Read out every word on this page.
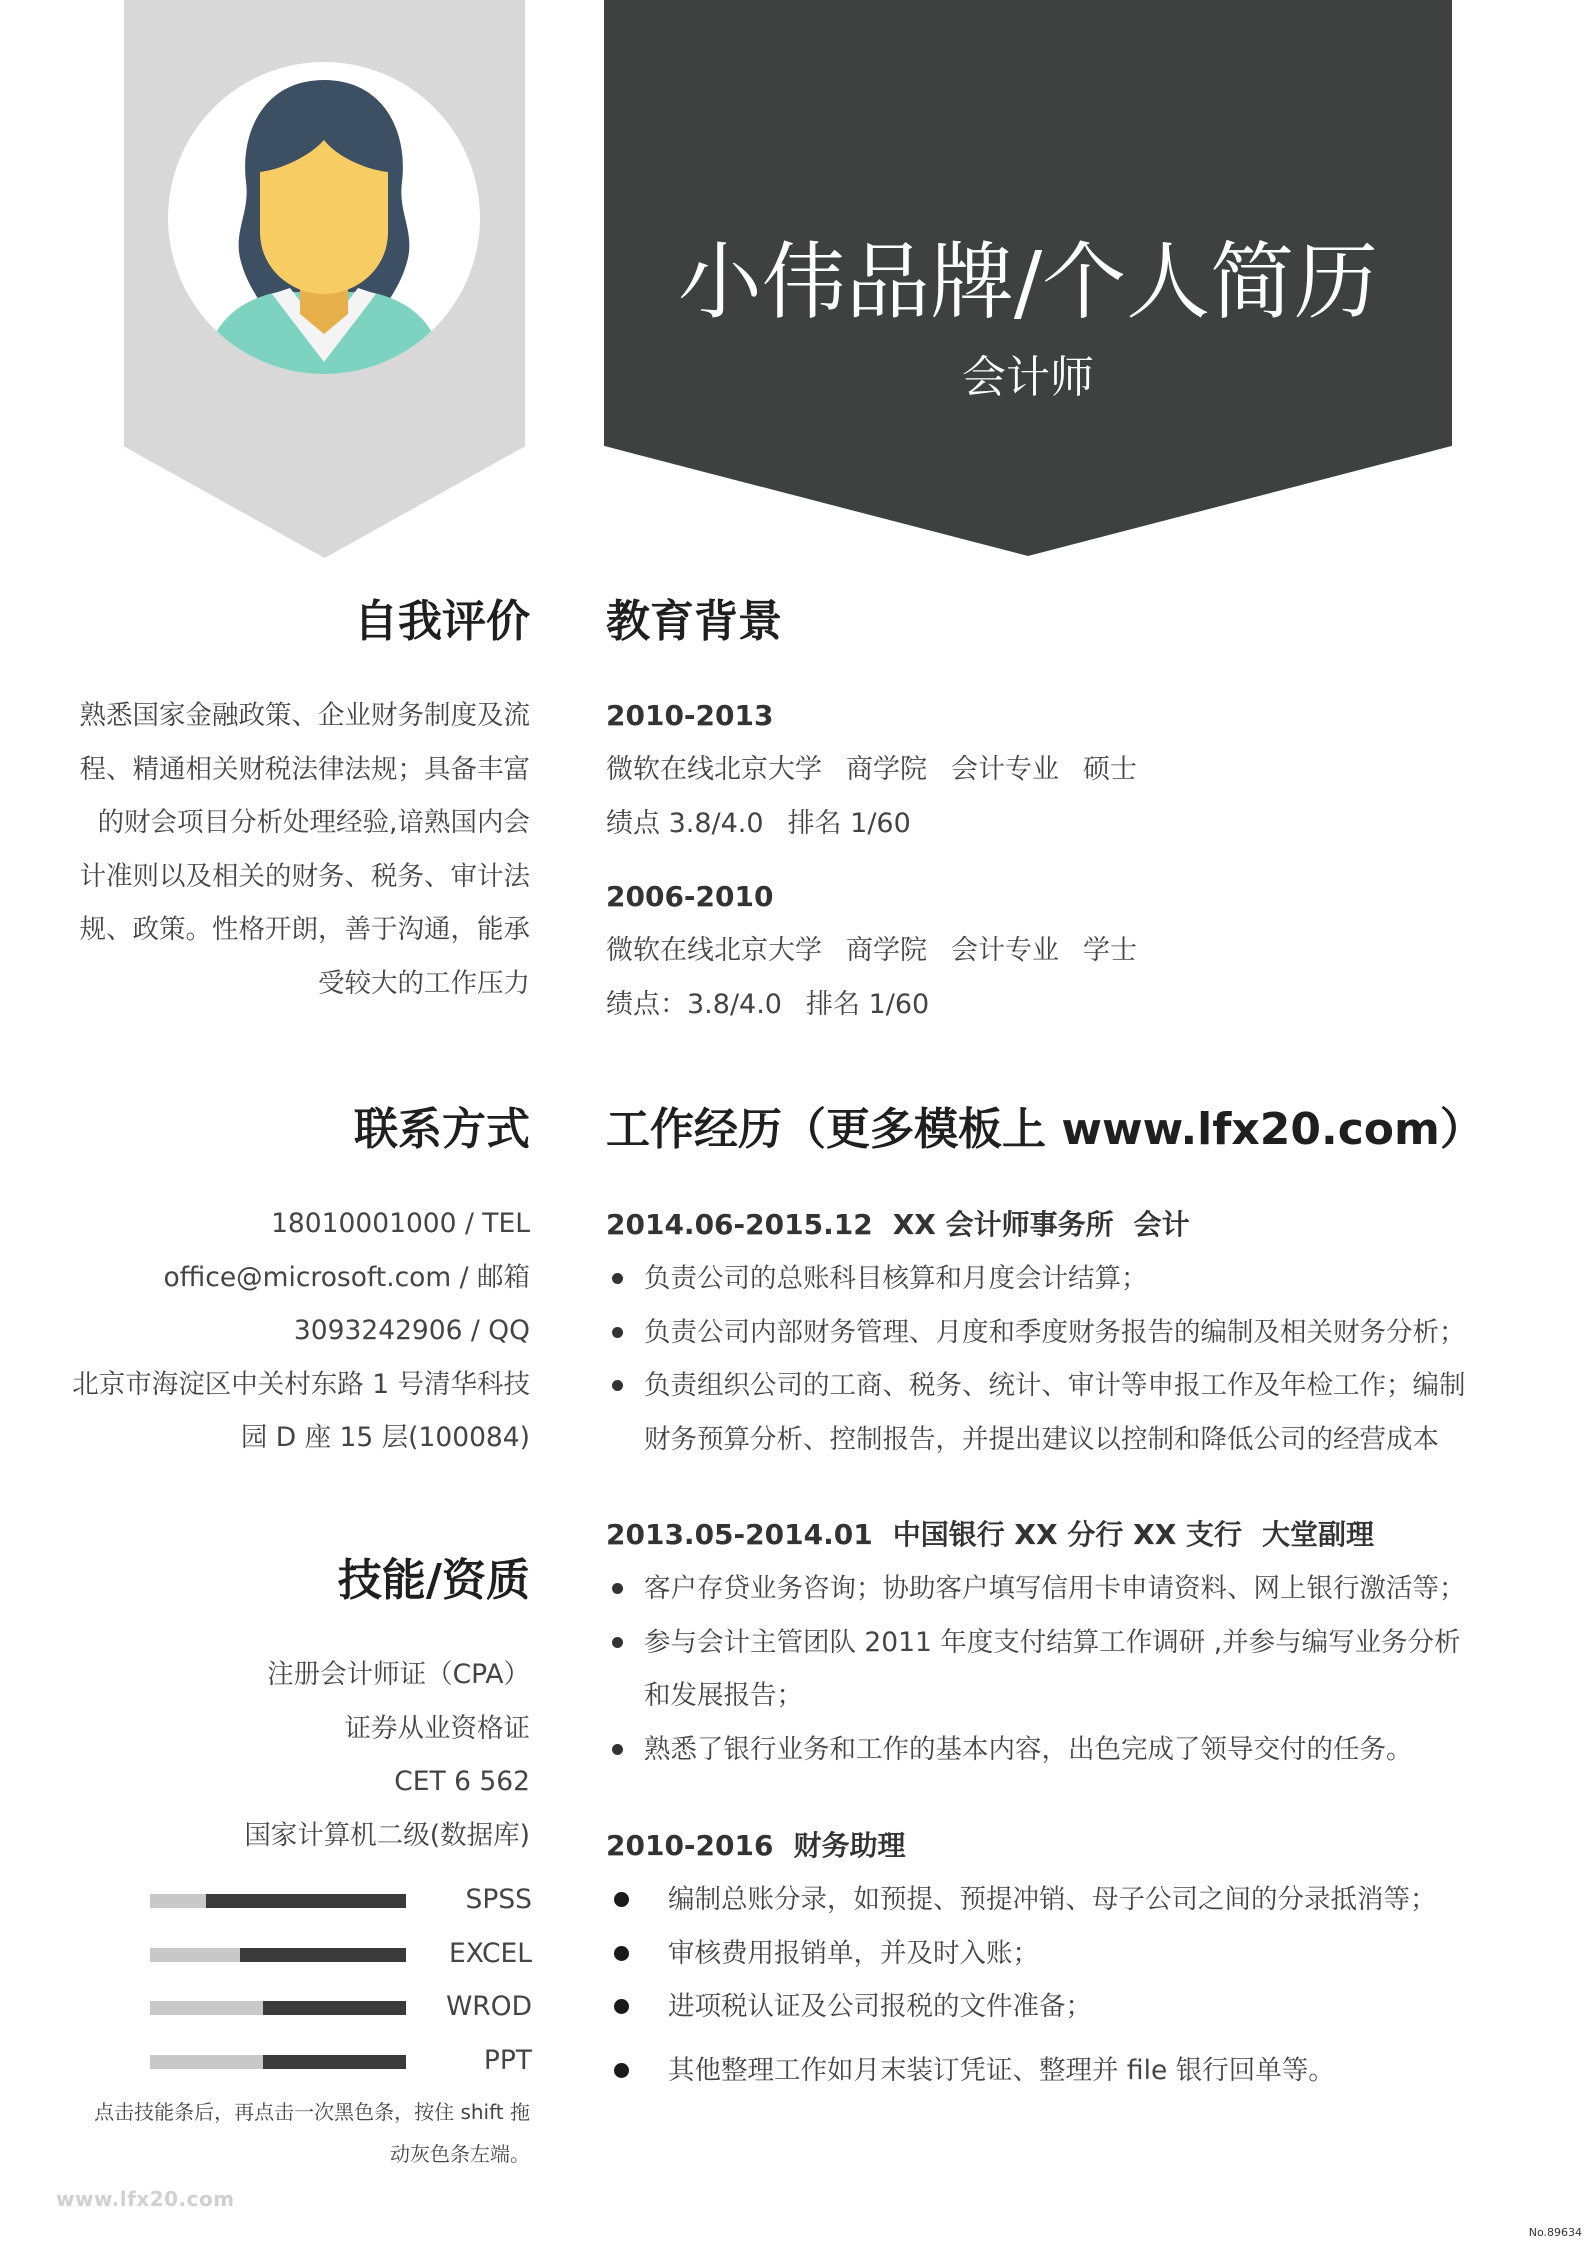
小伟品牌/个人简历
会计师
自我评价 教育背景
联系方式 工作经历（更多模板上 www.lfx20.com）
技能/资质
熟悉国家金融政策、企业财务制度及流
程、精通相关财税法律法规；具备丰富
的财会项目分析处理经验,谙熟国内会
计准则以及相关的财务、税务、审计法
规、政策。性格开朗，善于沟通，能承
受较大的工作压力
18010001000 / TEL
office@microsoft.com / 邮箱
3093242906 / QQ
北京市海淀区中关村东路 1 号清华科技
园 D 座 15 层(100084)
注册会计师证（CPA）
证券从业资格证
CET 6 562
国家计算机二级(数据库)
SPSS
EXCEL
WROD
PPT
点击技能条后，再点击一次黑色条，按住 shift 拖
动灰色条左端。
2010-2013
微软在线北京大学 商学院 会计专业 硕士
绩点 3.8/4.0 排名 1/60
2006-2010
微软在线北京大学 商学院 会计专业 学士
绩点：3.8/4.0 排名 1/60
2014.06-2015.12 XX 会计师事务所 会计
负责公司的总账科目核算和月度会计结算；
负责公司内部财务管理、月度和季度财务报告的编制及相关财务分析；
负责组织公司的工商、税务、统计、审计等申报工作及年检工作；编制
财务预算分析、控制报告，并提出建议以控制和降低公司的经营成本
2013.05-2014.01 中国银行 XX 分行 XX 支行 大堂副理
客户存贷业务咨询；协助客户填写信用卡申请资料、网上银行激活等；
参与会计主管团队 2011 年度支付结算工作调研 ,并参与编写业务分析
和发展报告；
熟悉了银行业务和工作的基本内容，出色完成了领导交付的任务。
2010-2016 财务助理
编制总账分录，如预提、预提冲销、母子公司之间的分录抵消等；
审核费用报销单，并及时入账；
进项税认证及公司报税的文件准备；
其他整理工作如月末装订凭证、整理并 file 银行回单等。
www.lfx20.com
No.89634
